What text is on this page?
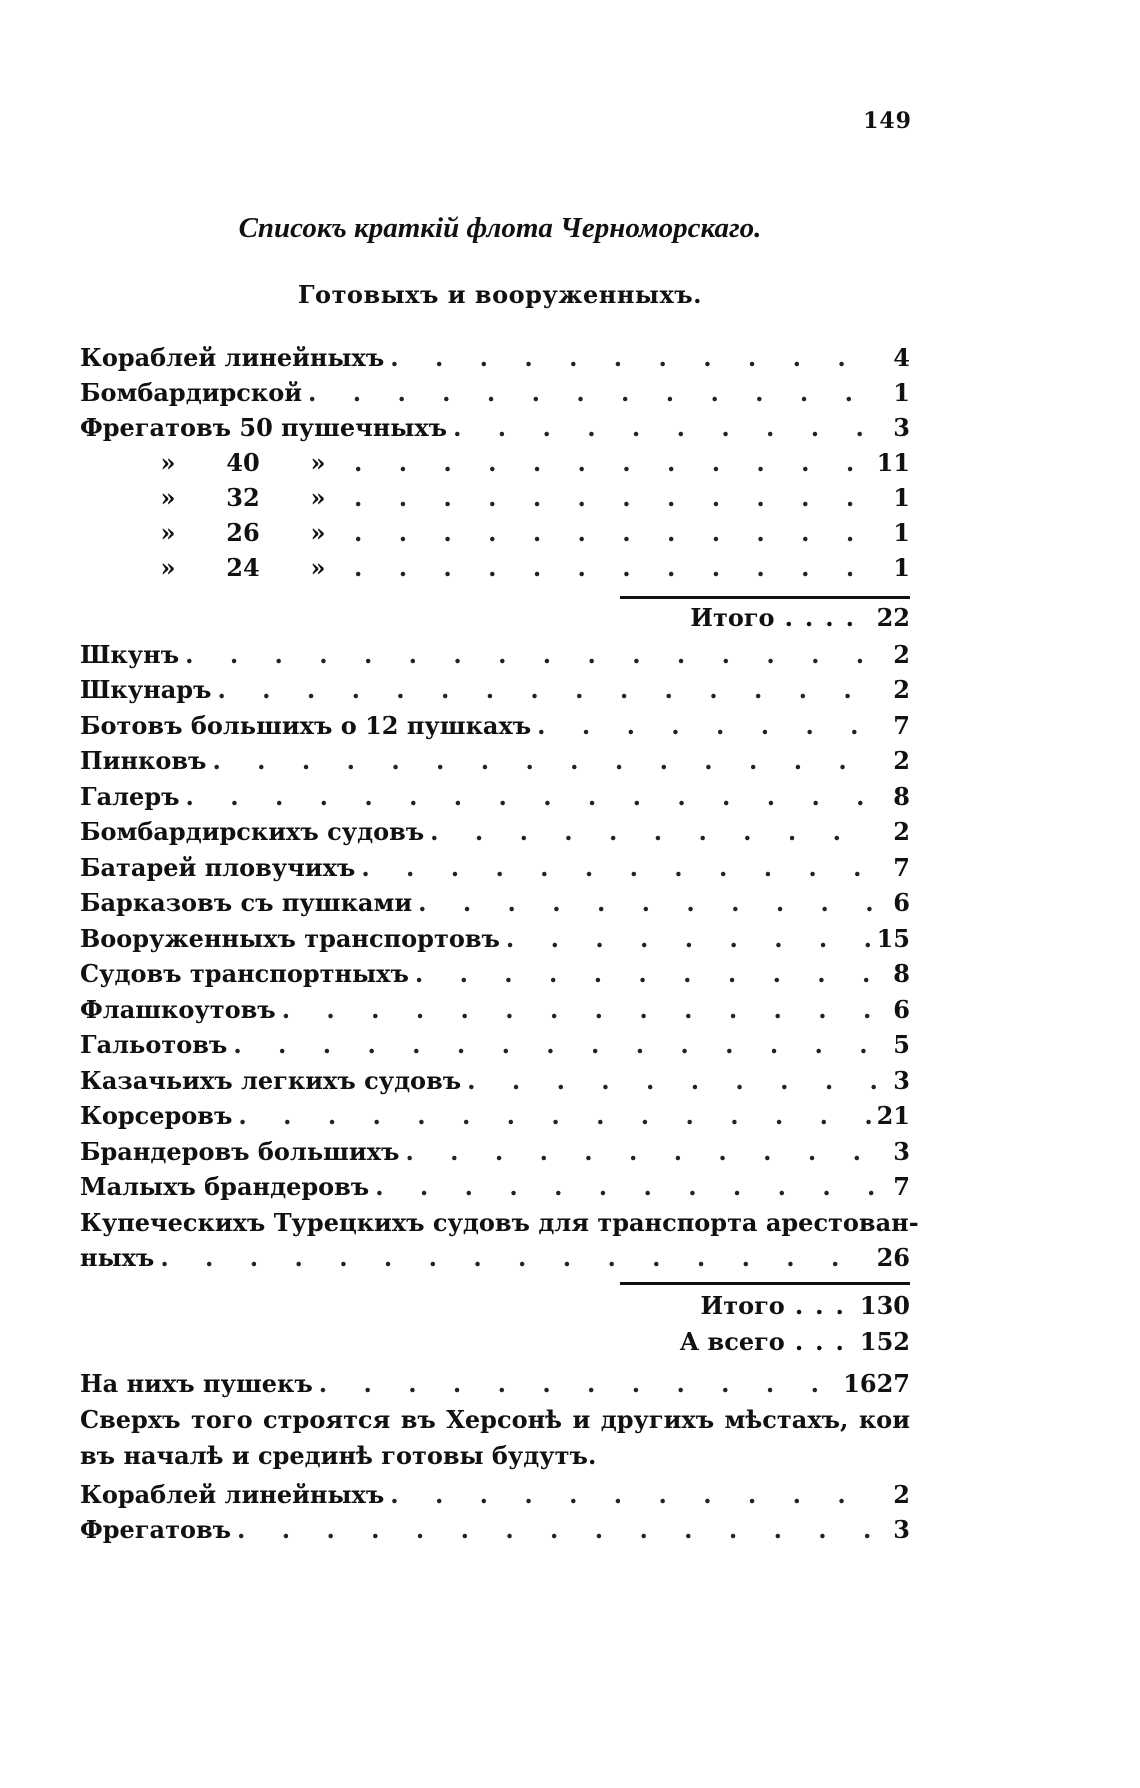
149
Списокъ краткій флота Черноморскаго.
Готовыхъ и вооруженныхъ.
Кораблей линейныхъ . . .	4
Бомбардирской . . .	1
Фрегатовъ 50 пушечныхъ . . .	3
»	40	» . . .	11
»	32	» . . .	1
»	26	» . . .	1
»	24	» . . .	1
Итого .... 22
Шкунъ . . .	2
Шкунаръ . . .	2
Ботовъ большихъ о 12 пушкахъ . . .	7
Пинковъ . . .	2
Галеръ . . .	8
Бомбардирскихъ судовъ . . .	2
Батарей пловучихъ . . .	7
Барказовъ съ пушками . . .	6
Вооруженныхъ транспортовъ . . .	15
Судовъ транспортныхъ . . .	8
Флашкоутовъ . . .	6
Гальотовъ . . .	5
Казачьихъ легкихъ судовъ . . .	3
Корсеровъ . . .	21
Брандеровъ большихъ . . .	3
Малыхъ брандеровъ . . .	7
Купеческихъ Турецкихъ судовъ для транспорта арестован-
ныхъ . . .	26
Итого ... 130
А всего ... 152
На нихъ пушекъ . . .	1627
Сверхъ того строятся въ Херсонѣ и другихъ мѣстахъ, кои въ началѣ и срединѣ готовы будутъ.
Кораблей линейныхъ . . .	2
Фрегатовъ . . .	3
